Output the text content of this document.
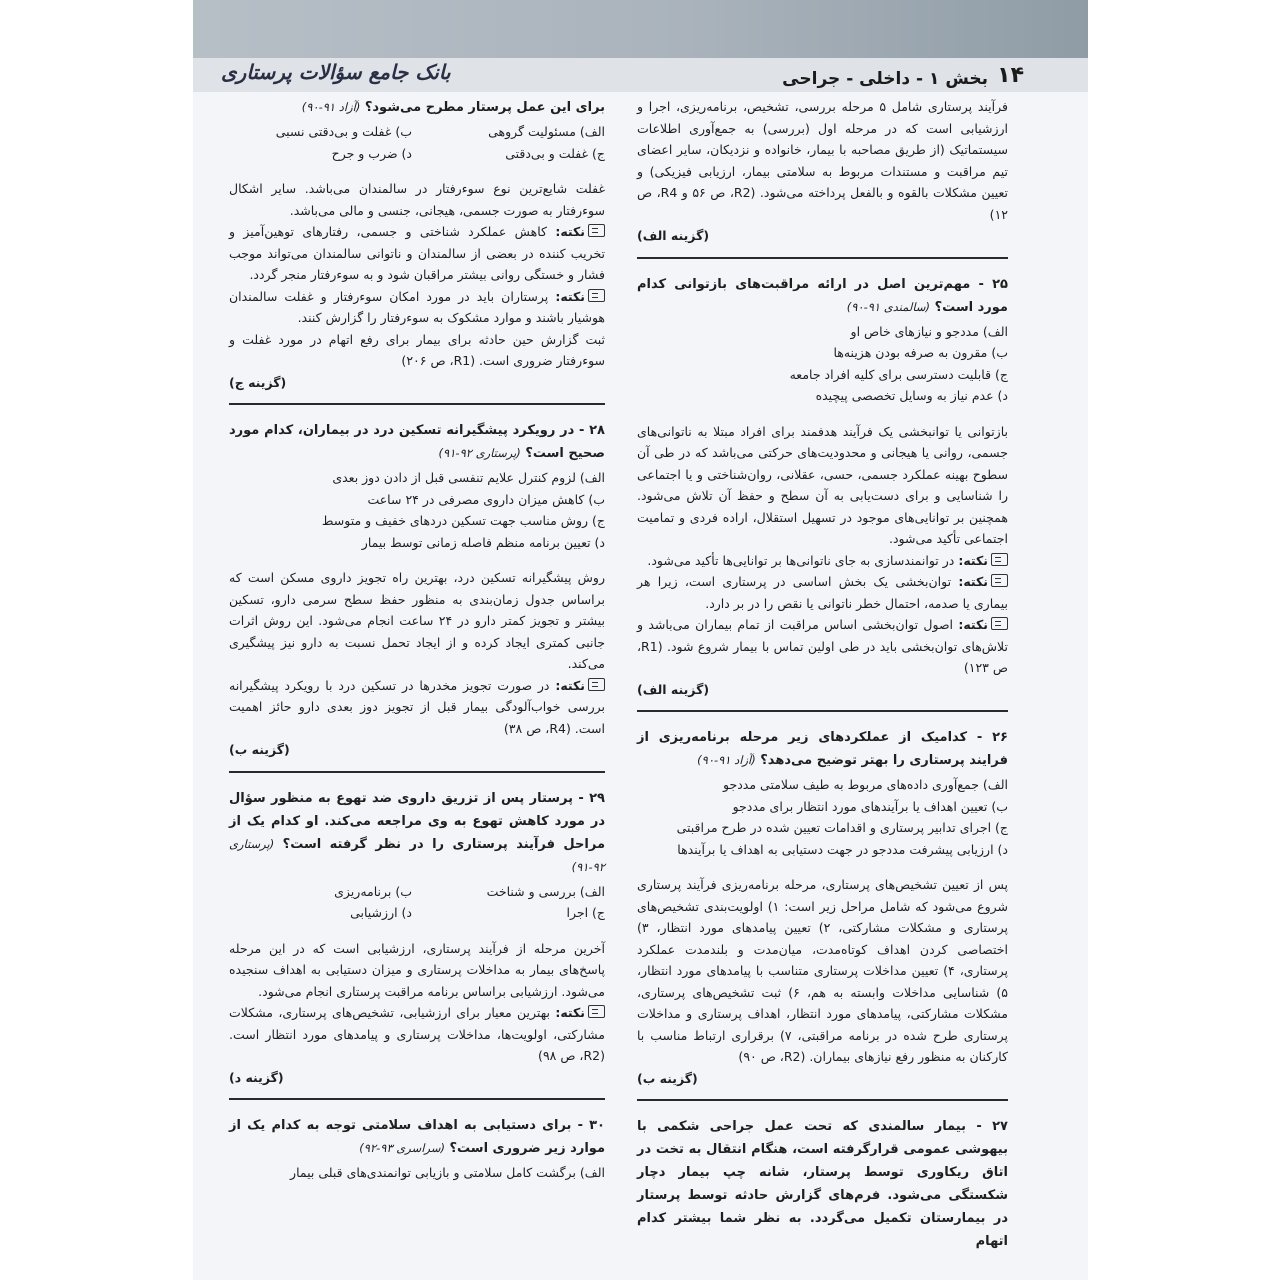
بانک جامع سؤالات پرستاری	بخش ۱ - داخلی - جراحی ۱۴

فرآیند پرستاری شامل ۵ مرحله بررسی، تشخیص، برنامه‌ریزی، اجرا و ارزشیابی است که در مرحله اول (بررسی) به جمع‌آوری اطلاعات سیستماتیک (از طریق مصاحبه با بیمار، خانواده و نزدیکان، سایر اعضای تیم مراقبت و مستندات مربوط به سلامتی بیمار، ارزیابی فیزیکی) و تعیین مشکلات بالقوه و بالفعل پرداخته می‌شود. (R2، ص ۵۶ و R4، ص ۱۲)

(گزینه الف)

۲۵ - مهم‌ترین اصل در ارائه مراقبت‌های بازتوانی کدام مورد است؟ (سالمندی ۹۱-۹۰)

الف) مددجو و نیازهای خاص او
ب) مقرون به صرفه بودن هزینه‌ها
ج) قابلیت دسترسی برای کلیه افراد جامعه
د) عدم نیاز به وسایل تخصصی پیچیده

بازتوانی یا توانبخشی یک فرآیند هدفمند برای افراد مبتلا به ناتوانی‌های جسمی، روانی یا هیجانی و محدودیت‌های حرکتی می‌باشد که در طی آن سطوح بهینه عملکرد جسمی، حسی، عقلانی، روان‌شناختی و یا اجتماعی را شناسایی و برای دست‌یابی به آن سطح و حفظ آن تلاش می‌شود. همچنین بر توانایی‌های موجود در تسهیل استقلال، اراده فردی و تمامیت اجتماعی تأکید می‌شود.

نکته: در توانمندسازی به جای ناتوانی‌ها بر توانایی‌ها تأکید می‌شود.

نکته: توان‌بخشی یک بخش اساسی در پرستاری است، زیرا هر بیماری یا صدمه، احتمال خطر ناتوانی یا نقص را در بر دارد.

نکته: اصول توان‌بخشی اساس مراقبت از تمام بیماران می‌باشد و تلاش‌های توان‌بخشی باید در طی اولین تماس با بیمار شروع شود. (R1، ص ۱۲۳)

(گزینه الف)

۲۶ - کدامیک از عملکردهای زیر مرحله برنامه‌ریزی از فرایند پرستاری را بهتر توضیح می‌دهد؟ (آزاد ۹۱-۹۰)

الف) جمع‌آوری داده‌های مربوط به طیف سلامتی مددجو
ب) تعیین اهداف یا برآیندهای مورد انتظار برای مددجو
ج) اجرای تدابیر پرستاری و اقدامات تعیین شده در طرح مراقبتی
د) ارزیابی پیشرفت مددجو در جهت دستیابی به اهداف یا برآیندها

پس از تعیین تشخیص‌های پرستاری، مرحله برنامه‌ریزی فرآیند پرستاری شروع می‌شود که شامل مراحل زیر است: ۱) اولویت‌بندی تشخیص‌های پرستاری و مشکلات مشارکتی، ۲) تعیین پیامدهای مورد انتظار، ۳) اختصاصی کردن اهداف کوتاه‌مدت، میان‌مدت و بلندمدت عملکرد پرستاری، ۴) تعیین مداخلات پرستاری متناسب با پیامدهای مورد انتظار، ۵) شناسایی مداخلات وابسته به هم، ۶) ثبت تشخیص‌های پرستاری، مشکلات مشارکتی، پیامدهای مورد انتظار، اهداف پرستاری و مداخلات پرستاری طرح شده در برنامه مراقبتی، ۷) برقراری ارتباط مناسب با کارکنان به منظور رفع نیازهای بیماران. (R2، ص ۹۰)

(گزینه ب)

۲۷ - بیمار سالمندی که تحت عمل جراحی شکمی با بیهوشی عمومی قرارگرفته است، هنگام انتقال به تخت در اتاق ریکاوری توسط پرستار، شانه چپ بیمار دچار شکستگی می‌شود. فرم‌های گزارش حادثه توسط پرستار در بیمارستان تکمیل می‌گردد. به نظر شما بیشتر کدام اتهام

برای این عمل پرستار مطرح می‌شود؟ (آزاد ۹۱-۹۰)

الف) مسئولیت گروهی
ب) غفلت و بی‌دقتی نسبی
ج) غفلت و بی‌دقتی
د) ضرب و جرح

غفلت شایع‌ترین نوع سوءرفتار در سالمندان می‌باشد. سایر اشکال سوءرفتار به صورت جسمی، هیجانی، جنسی و مالی می‌باشد.

نکته: کاهش عملکرد شناختی و جسمی، رفتارهای توهین‌آمیز و تخریب کننده در بعضی از سالمندان و ناتوانی سالمندان می‌تواند موجب فشار و خستگی روانی بیشتر مراقبان شود و به سوءرفتار منجر گردد.

نکته: پرستاران باید در مورد امکان سوءرفتار و غفلت سالمندان هوشیار باشند و موارد مشکوک به سوءرفتار را گزارش کنند.

ثبت گزارش حین حادثه برای بیمار برای رفع اتهام در مورد غفلت و سوءرفتار ضروری است. (R1، ص ۲۰۶)

(گزینه ج)

۲۸ - در رویکرد پیشگیرانه تسکین درد در بیماران، کدام مورد صحیح است؟ (پرستاری ۹۲-۹۱)

الف) لزوم کنترل علایم تنفسی قبل از دادن دوز بعدی
ب) کاهش میزان داروی مصرفی در ۲۴ ساعت
ج) روش مناسب جهت تسکین دردهای خفیف و متوسط
د) تعیین برنامه منظم فاصله زمانی توسط بیمار

روش پیشگیرانه تسکین درد، بهترین راه تجویز داروی مسکن است که براساس جدول زمان‌بندی به منظور حفظ سطح سرمی دارو، تسکین بیشتر و تجویز کمتر دارو در ۲۴ ساعت انجام می‌شود. این روش اثرات جانبی کمتری ایجاد کرده و از ایجاد تحمل نسبت به دارو نیز پیشگیری می‌کند.

نکته: در صورت تجویز مخدرها در تسکین درد با رویکرد پیشگیرانه بررسی خواب‌آلودگی بیمار قبل از تجویز دوز بعدی دارو حائز اهمیت است. (R4، ص ۳۸)

(گزینه ب)

۲۹ - پرستار پس از تزریق داروی ضد تهوع به منظور سؤال در مورد کاهش تهوع به وی مراجعه می‌کند. او کدام یک از مراحل فرآیند پرستاری را در نظر گرفته است؟ (پرستاری ۹۲-۹۱)

الف) بررسی و شناخت
ب) برنامه‌ریزی
ج) اجرا
د) ارزشیابی

آخرین مرحله از فرآیند پرستاری، ارزشیابی است که در این مرحله پاسخ‌های بیمار به مداخلات پرستاری و میزان دستیابی به اهداف سنجیده می‌شود. ارزشیابی براساس برنامه مراقبت پرستاری انجام می‌شود.

نکته: بهترین معیار برای ارزشیابی، تشخیص‌های پرستاری، مشکلات مشارکتی، اولویت‌ها، مداخلات پرستاری و پیامدهای مورد انتظار است. (R2، ص ۹۸)

(گزینه د)

۳۰ - برای دستیابی به اهداف سلامتی توجه به کدام یک از موارد زیر ضروری است؟ (سراسری ۹۳-۹۲)

الف) برگشت کامل سلامتی و بازیابی توانمندی‌های قبلی بیمار
